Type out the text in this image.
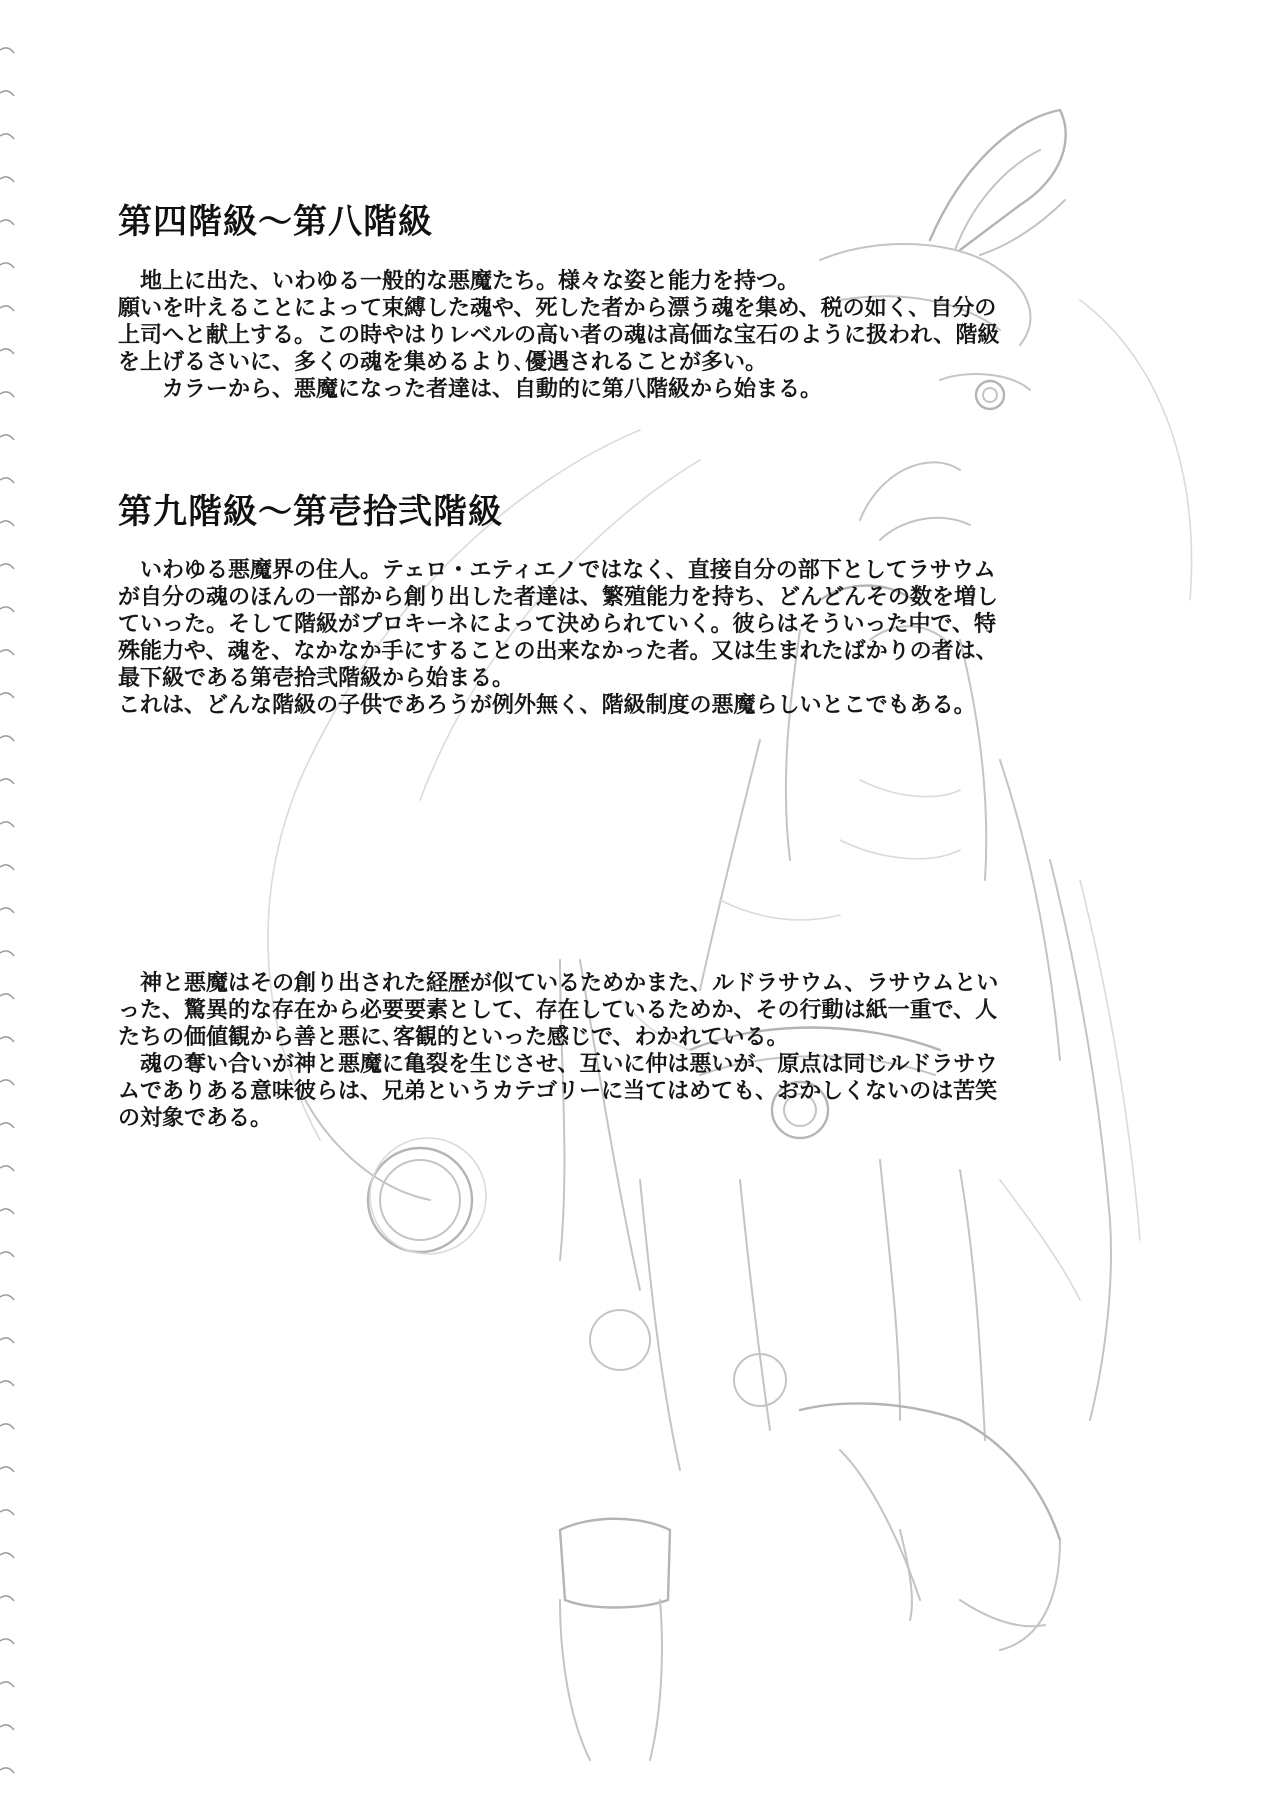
第四階級〜第八階級
　地上に出た、いわゆる一般的な悪魔たち。様々な姿と能力を持つ。
願いを叶えることによって束縛した魂や、死した者から漂う魂を集め、税の如く、自分の
上司へと献上する。この時やはりレベルの高い者の魂は高価な宝石のように扱われ、階級
を上げるさいに、多くの魂を集めるより､優遇されることが多い。
　　カラーから、悪魔になった者達は、自動的に第八階級から始まる。
第九階級〜第壱拾弐階級
　いわゆる悪魔界の住人。テェロ・エティエノではなく、直接自分の部下としてラサウム
が自分の魂のほんの一部から創り出した者達は、繁殖能力を持ち、どんどんその数を増し
ていった。そして階級がプロキーネによって決められていく。彼らはそういった中で、特
殊能力や、魂を、なかなか手にすることの出来なかった者。又は生まれたばかりの者は、
最下級である第壱拾弐階級から始まる。
これは、どんな階級の子供であろうが例外無く、階級制度の悪魔らしいとこでもある。
　神と悪魔はその創り出された経歴が似ているためかまた、ルドラサウム、ラサウムとい
った、驚異的な存在から必要要素として、存在しているためか、その行動は紙一重で、人
たちの価値観から善と悪に､客観的といった感じで、わかれている。
　魂の奪い合いが神と悪魔に亀裂を生じさせ、互いに仲は悪いが、原点は同じルドラサウ
ムでありある意味彼らは、兄弟というカテゴリーに当てはめても、おかしくないのは苦笑
の対象である。
